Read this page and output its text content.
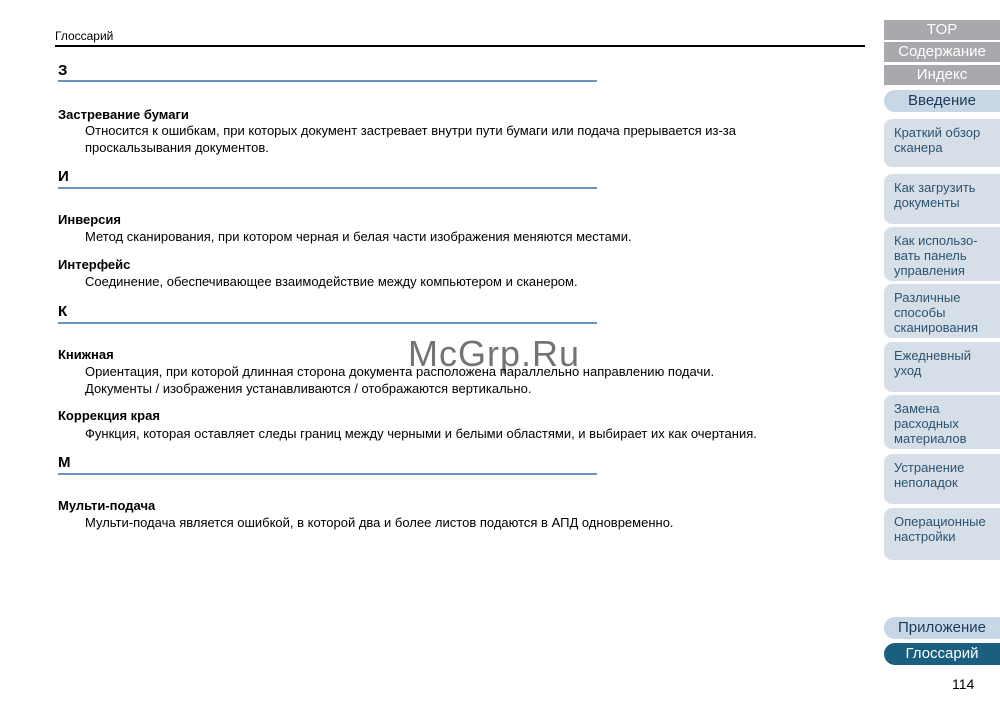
Глоссарий
З
Застревание бумаги
Относится к ошибкам, при которых документ застревает внутри пути бумаги или подача прерывается из-за
проскальзывания документов.
И
Инверсия
Метод сканирования, при котором черная и белая части изображения меняются местами.
Интерфейс
Соединение, обеспечивающее взаимодействие между компьютером и сканером.
К
Книжная
Ориентация, при которой длинная сторона документа расположена параллельно направлению подачи.
Документы / изображения устанавливаются / отображаются вертикально.
Коррекция края
Функция, которая оставляет следы границ между черными и белыми областями, и выбирает их как очертания.
М
Мульти-подача
Мульти-подача является ошибкой, в которой два и более листов подаются в АПД одновременно.
McGrp.Ru
TOP
Содержание
Индекс
Введение
Краткий обзор
сканера
Как загрузить
документы
Как использо-
вать панель
управления
Различные
способы
сканирования
Ежедневный
уход
Замена
расходных
материалов
Устранение
неполадок
Операционные
настройки
Приложение
Глоссарий
114
